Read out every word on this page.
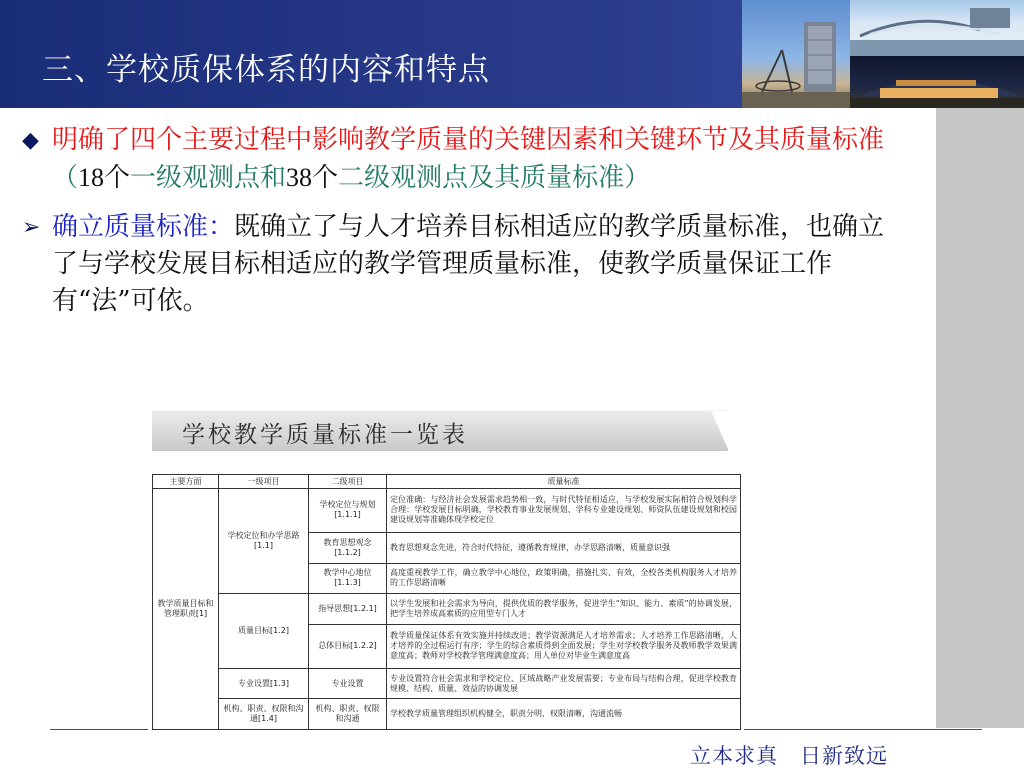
三、学校质保体系的内容和特点

◆ 明确了四个主要过程中影响教学质量的关键因素和关键环节及其质量标准（18个一级观测点和38个二级观测点及其质量标准）

➢ 确立质量标准：既确立了与人才培养目标相适应的教学质量标准，也确立了与学校发展目标相适应的教学管理质量标准，使教学质量保证工作有“法”可依。

学校教学质量标准一览表
主要方面	一级项目	二级项目	质量标准
教学质量目标和管理职责[1]	学校定位和办学思路[1.1]	学校定位与规划[1.1.1]	定位准确：与经济社会发展需求趋势相一致，与时代特征相适应，与学校发展实际相符合规划科学合理：学校发展目标明确，学校教育事业发展规划、学科专业建设规划、师资队伍建设规划和校园建设规划等准确体现学校定位
		教育思想观念[1.1.2]	教育思想观念先进，符合时代特征，遵循教育规律，办学思路清晰，质量意识强
		教学中心地位[1.1.3]	高度重视教学工作，确立教学中心地位，政策明确，措施扎实、有效，全校各类机构服务人才培养的工作思路清晰
	质量目标[1.2]	指导思想[1.2.1]	以学生发展和社会需求为导向，提供优质的教学服务，促进学生“知识、能力、素质”的协调发展，把学生培养成高素质的应用型专门人才
		总体目标[1.2.2]	教学质量保证体系有效实施并持续改进；教学资源满足人才培养需求；人才培养工作思路清晰，人才培养的全过程运行有序；学生的综合素质得到全面发展；学生对学校教学服务及教师教学效果满意度高；教师对学校教学管理满意度高；用人单位对毕业生满意度高
	专业设置[1.3]	专业设置	专业设置符合社会需求和学校定位、区域战略产业发展需要；专业布局与结构合理，促进学校教育规模、结构、质量、效益的协调发展
	机构、职责、权限和沟通[1.4]	机构、职责、权限和沟通	学校教学质量管理组织机构健全，职责分明，权限清晰，沟通流畅
立本求真　日新致远
